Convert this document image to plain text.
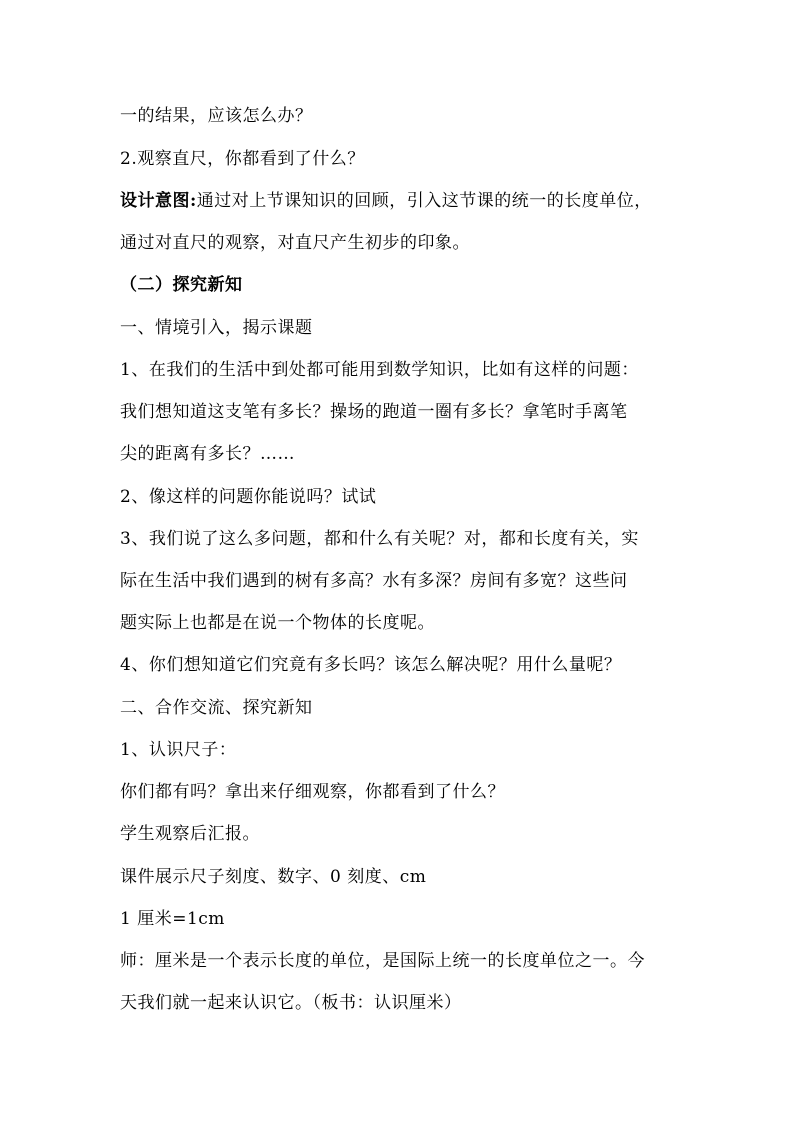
一的结果，应该怎么办？
2.观察直尺，你都看到了什么？
设计意图:通过对上节课知识的回顾，引入这节课的统一的长度单位，
通过对直尺的观察，对直尺产生初步的印象。
（二）探究新知
一、情境引入，揭示课题
1、在我们的生活中到处都可能用到数学知识，比如有这样的问题：
我们想知道这支笔有多长？操场的跑道一圈有多长？拿笔时手离笔
尖的距离有多长？……
2、像这样的问题你能说吗？试试
3、我们说了这么多问题，都和什么有关呢？对，都和长度有关，实
际在生活中我们遇到的树有多高？水有多深？房间有多宽？这些问
题实际上也都是在说一个物体的长度呢。
4、你们想知道它们究竟有多长吗？该怎么解决呢？用什么量呢？
二、合作交流、探究新知
1、认识尺子：
你们都有吗？拿出来仔细观察，你都看到了什么？
学生观察后汇报。
课件展示尺子刻度、数字、0 刻度、cm
1 厘米=1cm
师：厘米是一个表示长度的单位，是国际上统一的长度单位之一。今
天我们就一起来认识它。（板书：认识厘米）
